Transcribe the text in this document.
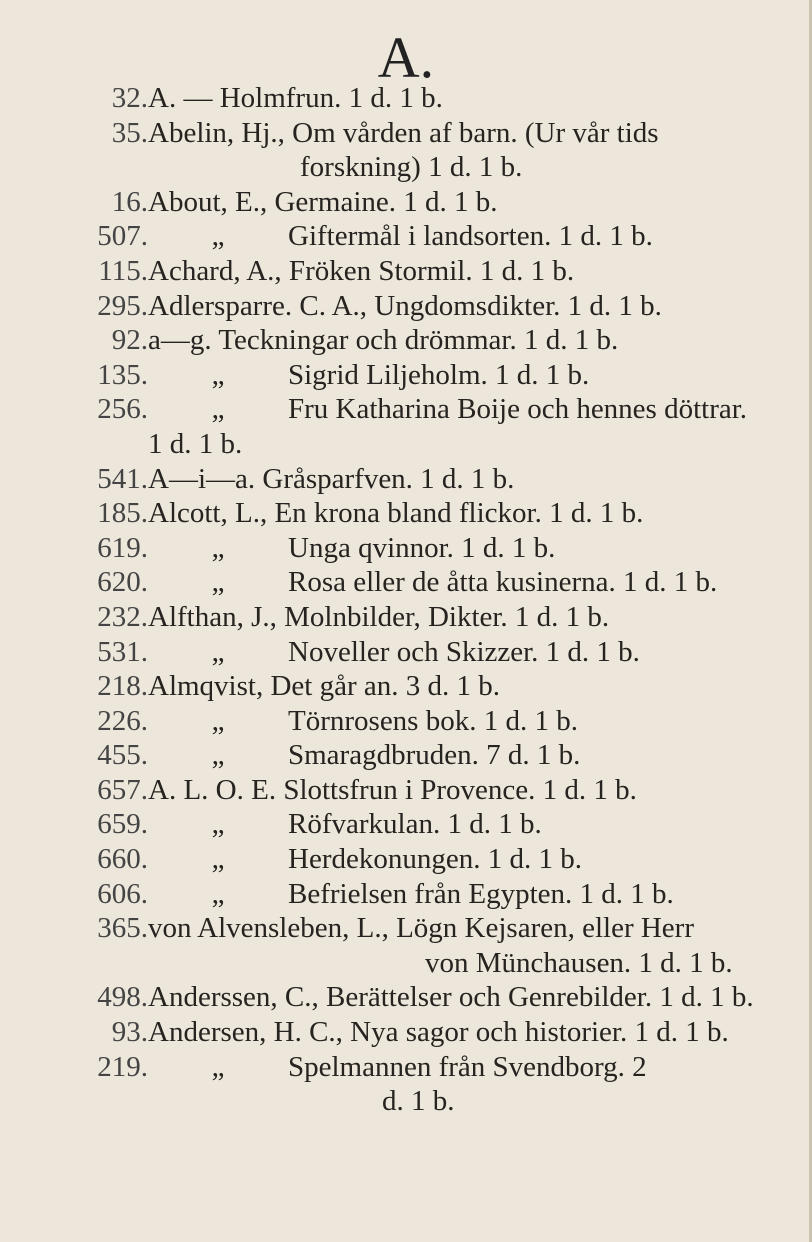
A.
32. A. — Holmfrun. 1 d. 1 b.
35. Abelin, Hj., Om vården af barn. (Ur vår tids
forskning) 1 d. 1 b.
16. About, E., Germaine. 1 d. 1 b.
507.	„ Giftermål i landsorten. 1 d. 1 b.
115. Achard, A., Fröken Stormil. 1 d. 1 b.
295. Adlersparre. C. A., Ungdomsdikter. 1 d. 1 b.
92. a—g. Teckningar och drömmar. 1 d. 1 b.
135.	„ Sigrid Liljeholm. 1 d. 1 b.
256.	„ Fru Katharina Boije och hennes döttrar.
1 d. 1 b.
541. A—i—a. Gråsparfven. 1 d. 1 b.
185. Alcott, L., En krona bland flickor. 1 d. 1 b.
619.	„ Unga qvinnor. 1 d. 1 b.
620.	„ Rosa eller de åtta kusinerna. 1 d. 1 b.
232. Alfthan, J., Molnbilder, Dikter. 1 d. 1 b.
531.	„ Noveller och Skizzer. 1 d. 1 b.
218. Almqvist, Det går an. 3 d. 1 b.
226.	„ Törnrosens bok. 1 d. 1 b.
455.	„ Smaragdbruden. 7 d. 1 b.
657. A. L. O. E. Slottsfrun i Provence. 1 d. 1 b.
659.	„ Röfvarkulan. 1 d. 1 b.
660.	„ Herdekonungen. 1 d. 1 b.
606.	„ Befrielsen från Egypten. 1 d. 1 b.
365. von Alvensleben, L., Lögn Kejsaren, eller Herr
von Münchausen. 1 d. 1 b.
498. Anderssen, C., Berättelser och Genrebilder. 1 d. 1 b.
93. Andersen, H. C., Nya sagor och historier. 1 d. 1 b.
219.	„ Spelmannen från Svendborg. 2
d. 1 b.
